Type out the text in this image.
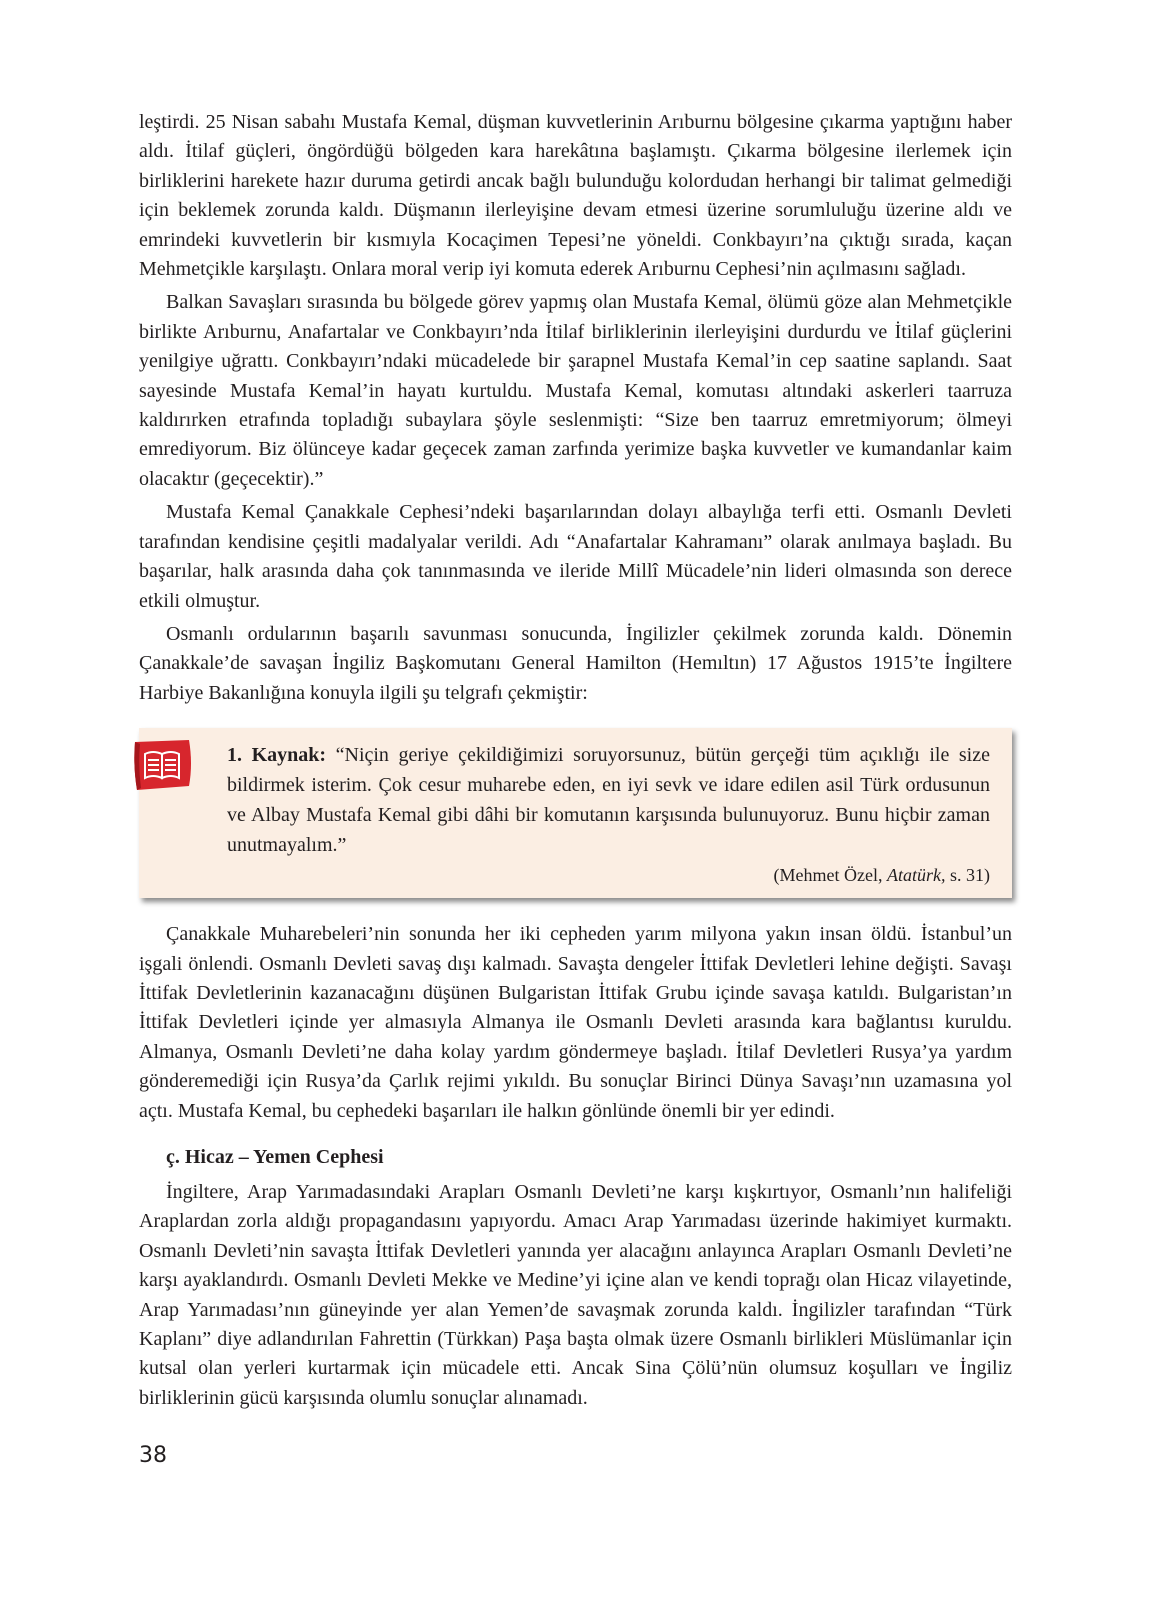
leştirdi. 25 Nisan sabahı Mustafa Kemal, düşman kuvvetlerinin Arıburnu bölgesine çıkarma yaptığını haber aldı. İtilaf güçleri, öngördüğü bölgeden kara harekâtına başlamıştı. Çıkarma bölgesine ilerlemek için birliklerini harekete hazır duruma getirdi ancak bağlı bulunduğu kolordudan herhangi bir talimat gelmediği için beklemek zorunda kaldı. Düşmanın ilerleyişine devam etmesi üzerine sorumluluğu üzerine aldı ve emrindeki kuvvetlerin bir kısmıyla Kocaçimen Tepesi’ne yöneldi. Conkbayırı’na çıktığı sırada, kaçan Mehmetçikle karşılaştı. Onlara moral verip iyi komuta ederek Arıburnu Cephesi’nin açılmasını sağladı.

Balkan Savaşları sırasında bu bölgede görev yapmış olan Mustafa Kemal, ölümü göze alan Mehmetçikle birlikte Arıburnu, Anafartalar ve Conkbayırı’nda İtilaf birliklerinin ilerleyişini durdurdu ve İtilaf güçlerini yenilgiye uğrattı. Conkbayırı’ndaki mücadelede bir şarapnel Mustafa Kemal’in cep saatine saplandı. Saat sayesinde Mustafa Kemal’in hayatı kurtuldu. Mustafa Kemal, komutası altındaki askerleri taarruza kaldırırken etrafında topladığı subaylara şöyle seslenmişti: “Size ben taarruz emretmiyorum; ölmeyi emrediyorum. Biz ölünceye kadar geçecek zaman zarfında yerimize başka kuvvetler ve kumandanlar kaim olacaktır (geçecektir).”

Mustafa Kemal Çanakkale Cephesi’ndeki başarılarından dolayı albaylığa terfi etti. Osmanlı Devleti tarafından kendisine çeşitli madalyalar verildi. Adı “Anafartalar Kahramanı” olarak anılmaya başladı. Bu başarılar, halk arasında daha çok tanınmasında ve ileride Millî Mücadele’nin lideri olmasında son derece etkili olmuştur.

Osmanlı ordularının başarılı savunması sonucunda, İngilizler çekilmek zorunda kaldı. Dönemin Çanakkale’de savaşan İngiliz Başkomutanı General Hamilton (Hemıltın) 17 Ağustos 1915’te İngiltere Harbiye Bakanlığına konuyla ilgili şu telgrafı çekmiştir:

1. Kaynak: “Niçin geriye çekildiğimizi soruyorsunuz, bütün gerçeği tüm açıklığı ile size bildirmek isterim. Çok cesur muharebe eden, en iyi sevk ve idare edilen asil Türk ordusunun ve Albay Mustafa Kemal gibi dâhi bir komutanın karşısında bulunuyoruz. Bunu hiçbir zaman unutmayalım.”

(Mehmet Özel, Atatürk, s. 31)

Çanakkale Muharebeleri’nin sonunda her iki cepheden yarım milyona yakın insan öldü. İstanbul’un işgali önlendi. Osmanlı Devleti savaş dışı kalmadı. Savaşta dengeler İttifak Devletleri lehine değişti. Savaşı İttifak Devletlerinin kazanacağını düşünen Bulgaristan İttifak Grubu içinde savaşa katıldı. Bulgaristan’ın İttifak Devletleri içinde yer almasıyla Almanya ile Osmanlı Devleti arasında kara bağlantısı kuruldu. Almanya, Osmanlı Devleti’ne daha kolay yardım göndermeye başladı. İtilaf Devletleri Rusya’ya yardım gönderemediği için Rusya’da Çarlık rejimi yıkıldı. Bu sonuçlar Birinci Dünya Savaşı’nın uzamasına yol açtı. Mustafa Kemal, bu cephedeki başarıları ile halkın gönlünde önemli bir yer edindi.

ç. Hicaz – Yemen Cephesi

İngiltere, Arap Yarımadasındaki Arapları Osmanlı Devleti’ne karşı kışkırtıyor, Osmanlı’nın halifeliği Araplardan zorla aldığı propagandasını yapıyordu. Amacı Arap Yarımadası üzerinde hakimiyet kurmaktı. Osmanlı Devleti’nin savaşta İttifak Devletleri yanında yer alacağını anlayınca Arapları Osmanlı Devleti’ne karşı ayaklandırdı. Osmanlı Devleti Mekke ve Medine’yi içine alan ve kendi toprağı olan Hicaz vilayetinde, Arap Yarımadası’nın güneyinde yer alan Yemen’de savaşmak zorunda kaldı. İngilizler tarafından “Türk Kaplanı” diye adlandırılan Fahrettin (Türkkan) Paşa başta olmak üzere Osmanlı birlikleri Müslümanlar için kutsal olan yerleri kurtarmak için mücadele etti. Ancak Sina Çölü’nün olumsuz koşulları ve İngiliz birliklerinin gücü karşısında olumlu sonuçlar alınamadı.

38
